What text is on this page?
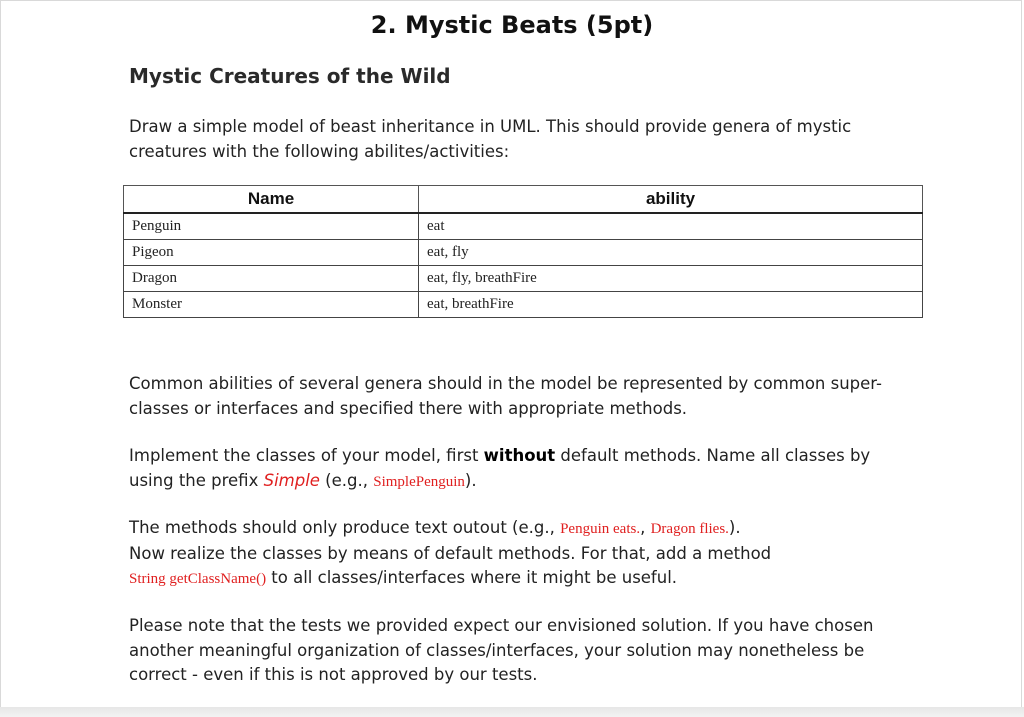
2. Mystic Beats (5pt)
Mystic Creatures of the Wild

Draw a simple model of beast inheritance in UML. This should provide genera of mystic creatures with the following abilites/activities:

Name	ability
Penguin	eat
Pigeon	eat, fly
Dragon	eat, fly, breathFire
Monster	eat, breathFire

Common abilities of several genera should in the model be represented by common super-classes or interfaces and specified there with appropriate methods.

Implement the classes of your model, first without default methods. Name all classes by using the prefix Simple (e.g., SimplePenguin).

The methods should only produce text outout (e.g., Penguin eats., Dragon flies.).
Now realize the classes by means of default methods. For that, add a method
String getClassName() to all classes/interfaces where it might be useful.

Please note that the tests we provided expect our envisioned solution. If you have chosen another meaningful organization of classes/interfaces, your solution may nonetheless be correct - even if this is not approved by our tests.
